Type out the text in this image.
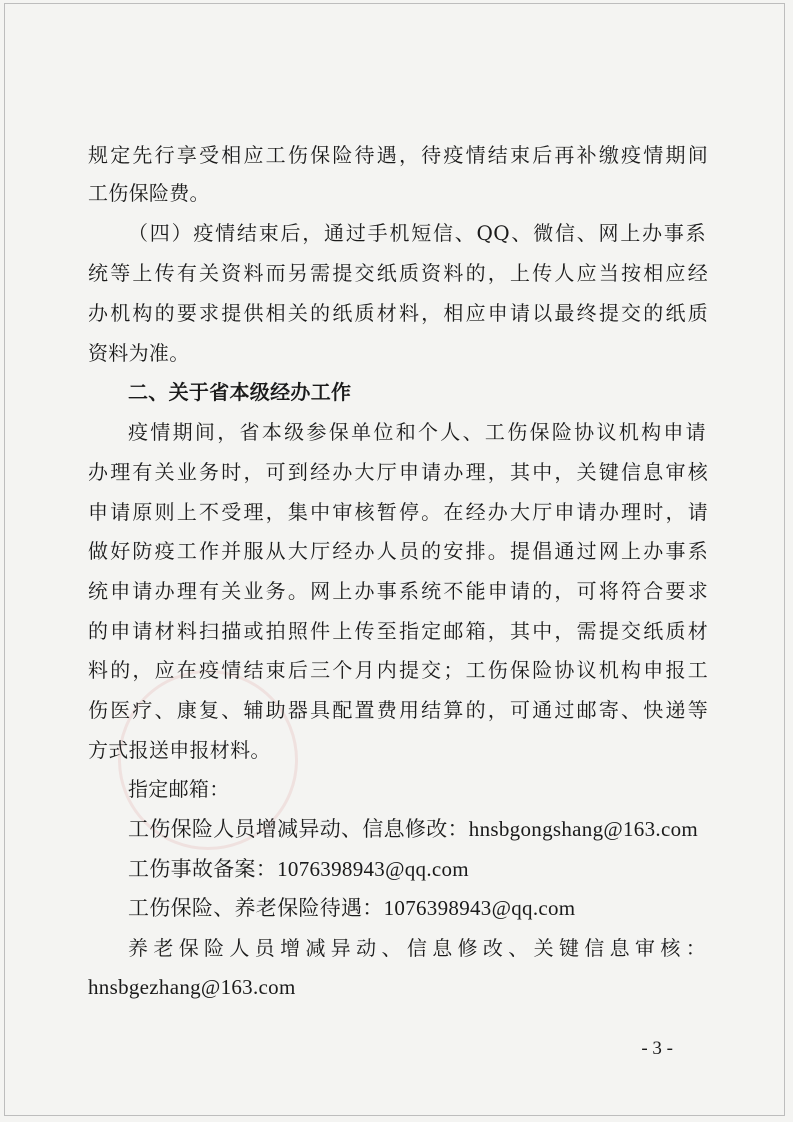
规定先行享受相应工伤保险待遇，待疫情结束后再补缴疫情期间
工伤保险费。
（四）疫情结束后，通过手机短信、QQ、微信、网上办事系
统等上传有关资料而另需提交纸质资料的，上传人应当按相应经
办机构的要求提供相关的纸质材料，相应申请以最终提交的纸质
资料为准。
二、关于省本级经办工作
疫情期间，省本级参保单位和个人、工伤保险协议机构申请
办理有关业务时，可到经办大厅申请办理，其中，关键信息审核
申请原则上不受理，集中审核暂停。在经办大厅申请办理时，请
做好防疫工作并服从大厅经办人员的安排。提倡通过网上办事系
统申请办理有关业务。网上办事系统不能申请的，可将符合要求
的申请材料扫描或拍照件上传至指定邮箱，其中，需提交纸质材
料的，应在疫情结束后三个月内提交；工伤保险协议机构申报工
伤医疗、康复、辅助器具配置费用结算的，可通过邮寄、快递等
方式报送申报材料。
指定邮箱：
工伤保险人员增减异动、信息修改：hnsbgongshang@163.com
工伤事故备案：1076398943@qq.com
工伤保险、养老保险待遇：1076398943@qq.com
养老保险人员增减异动、信息修改、关键信息审核：
hnsbgezhang@163.com
- 3 -
